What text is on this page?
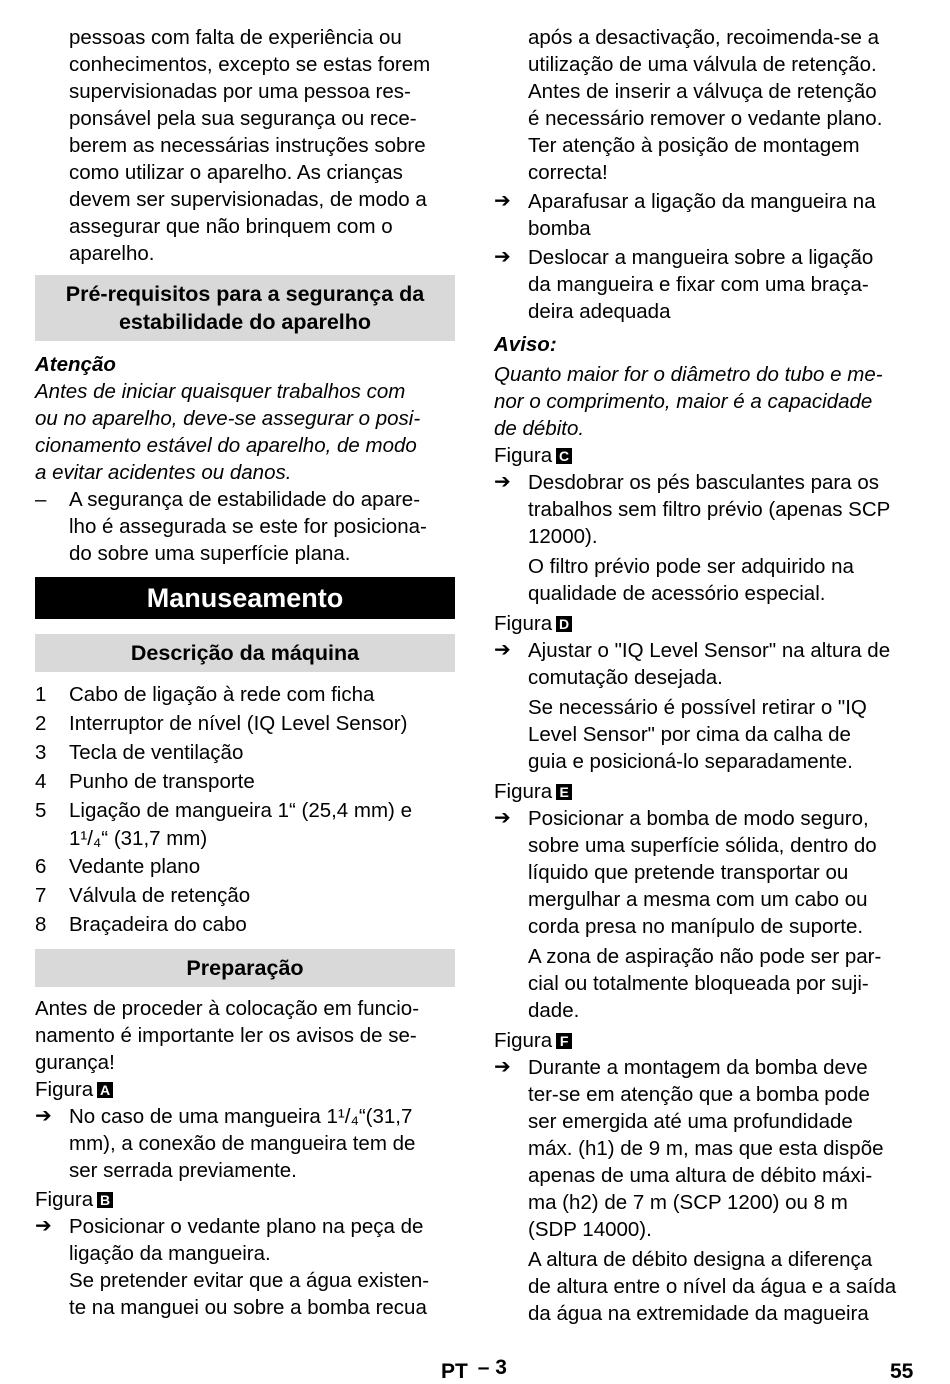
pessoas com falta de experiência ou

conhecimentos, excepto se estas forem

supervisionadas por uma pessoa res-

ponsável pela sua segurança ou rece-

berem as necessárias instruções sobre

como utilizar o aparelho. As crianças

devem ser supervisionadas, de modo a

assegurar que não brinquem com o

aparelho.

Pré-requisitos para a segurança da
estabilidade do aparelho

Atenção

Antes de iniciar quaisquer trabalhos com

ou no aparelho, deve-se assegurar o posi-

cionamento estável do aparelho, de modo

a evitar acidentes ou danos.

– A segurança de estabilidade do apare-

lho é assegurada se este for posiciona-

do sobre uma superfície plana.

Manuseamento
Descrição da máquina
1 Cabo de ligação à rede com ficha
2 Interruptor de nível (IQ Level Sensor)
3 Tecla de ventilação
4 Punho de transporte
5 Ligação de mangueira 1“ (25,4 mm) e
1¹/₄“ (31,7 mm)
6 Vedante plano
7 Válvula de retenção
8 Braçadeira do cabo
Preparação

Antes de proceder à colocação em funcio-

namento é importante ler os avisos de se-

gurança!

Figura A

➔ No caso de uma mangueira 1¹/₄“(31,7

mm), a conexão de mangueira tem de

ser serrada previamente.

Figura B

➔ Posicionar o vedante plano na peça de

ligação da mangueira.

Se pretender evitar que a água existen-

te na manguei ou sobre a bomba recua

após a desactivação, recoimenda-se a

utilização de uma válvula de retenção.

Antes de inserir a válvuça de retenção

é necessário remover o vedante plano.

Ter atenção à posição de montagem

correcta!

➔ Aparafusar a ligação da mangueira na

bomba

➔ Deslocar a mangueira sobre a ligação

da mangueira e fixar com uma braça-

deira adequada

Aviso:

Quanto maior for o diâmetro do tubo e me-

nor o comprimento, maior é a capacidade

de débito.

Figura C

➔ Desdobrar os pés basculantes para os

trabalhos sem filtro prévio (apenas SCP

12000).

O filtro prévio pode ser adquirido na

qualidade de acessório especial.

Figura D

➔ Ajustar o "IQ Level Sensor" na altura de

comutação desejada.

Se necessário é possível retirar o "IQ

Level Sensor" por cima da calha de

guia e posicioná-lo separadamente.

Figura E

➔ Posicionar a bomba de modo seguro,

sobre uma superfície sólida, dentro do

líquido que pretende transportar ou

mergulhar a mesma com um cabo ou

corda presa no manípulo de suporte.

A zona de aspiração não pode ser par-

cial ou totalmente bloqueada por suji-

dade.

Figura F

➔ Durante a montagem da bomba deve

ter-se em atenção que a bomba pode

ser emergida até uma profundidade

máx. (h1) de 9 m, mas que esta dispõe

apenas de uma altura de débito máxi-

ma (h2) de 7 m (SCP 1200) ou 8 m

(SDP 14000).

A altura de débito designa a diferença

de altura entre o nível da água e a saída

da água na extremidade da magueira

PT – 3	55
